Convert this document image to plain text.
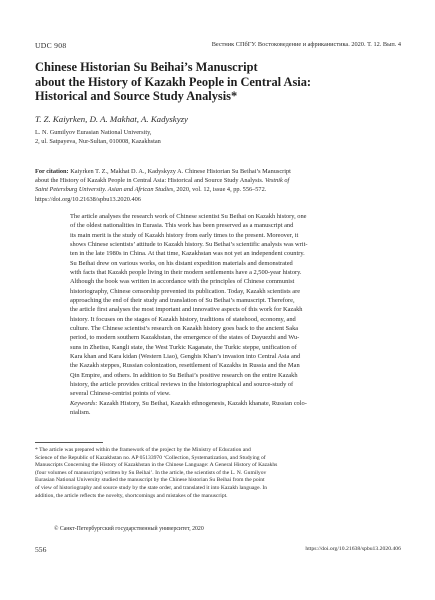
UDC 908	Вестник СПбГУ. Востоковедение и африканистика. 2020. Т. 12. Вып. 4
Chinese Historian Su Beihai’s Manuscript
about the History of Kazakh People in Central Asia:
Historical and Source Study Analysis*
T. Z. Kaiyrken, D. A. Makhat, A. Kadyskyzy
L. N. Gumilyov Eurasian National University,
2, ul. Satpayeva, Nur-Sultan, 010008, Kazakhstan
For citation: Kaiyrken T. Z., Makhat D. A., Kadyskyzy A. Chinese Historian Su Beihai’s Manuscript
about the History of Kazakh People in Central Asia: Historical and Source Study Analysis. Vestnik of
Saint Petersburg University. Asian and African Studies, 2020, vol. 12, issue 4, pp. 556–572.
https://doi.org/10.21638/spbu13.2020.406
The article analyses the research work of Chinese scientist Su Beihai on Kazakh history, one
of the oldest nationalities in Eurasia. This work has been preserved as a manuscript and
its main merit is the study of Kazakh history from early times to the present. Moreover, it
shows Chinese scientists’ attitude to Kazakh history. Su Beihai’s scientific analysis was writ-
ten in the late 1980s in China. At that time, Kazakhstan was not yet an independent country.
Su Beihai drew on various works, on his distant expedition materials and demonstrated
with facts that Kazakh people living in their modern settlements have a 2,500-year history.
Although the book was written in accordance with the principles of Chinese communist
historiography, Chinese censorship prevented its publication. Today, Kazakh scientists are
approaching the end of their study and translation of Su Beihai’s manuscript. Therefore,
the article first analyses the most important and innovative aspects of this work for Kazakh
history. It focuses on the stages of Kazakh history, traditions of statehood, economy, and
culture. The Chinese scientist’s research on Kazakh history goes back to the ancient Saka
period, to modern southern Kazakhstan, the emergence of the states of Dayuezhi and Wu-
suns in Zhetisu, Kangli state, the West Turkic Kaganate, the Turkic steppe, unification of
Kara khan and Kara kidan (Western Liao), Genghis Khan’s invasion into Central Asia and
the Kazakh steppes, Russian colonization, resettlement of Kazakhs in Russia and the Man
Qin Empire, and others. In addition to Su Beihai’s positive research on the entire Kazakh
history, the article provides critical reviews in the historiographical and source-study of
several Chinese-centrist points of view.
Keywords: Kazakh History, Su Beihai, Kazakh ethnogenesis, Kazakh khanate, Russian colo-
nialism.
* The article was prepared within the framework of the project by the Ministry of Education and
Science of the Republic of Kazakhstan no. AP 05133970 ‘Collection, Systematization, and Studying of
Manuscripts Concerning the History of Kazakhstan in the Chinese Language: A General History of Kazakhs
(four volumes of manuscripts) written by Su Beihai’. In the article, the scientists of the L. N. Gumilyov
Eurasian National University studied the manuscript by the Chinese historian Su Beihai from the point
of view of historiography and source study by the state order, and translated it into Kazakh language. In
addition, the article reflects the novelty, shortcomings and mistakes of the manuscript.
© Санкт-Петербургский государственный университет, 2020
556	https://doi.org/10.21638/spbu13.2020.406
